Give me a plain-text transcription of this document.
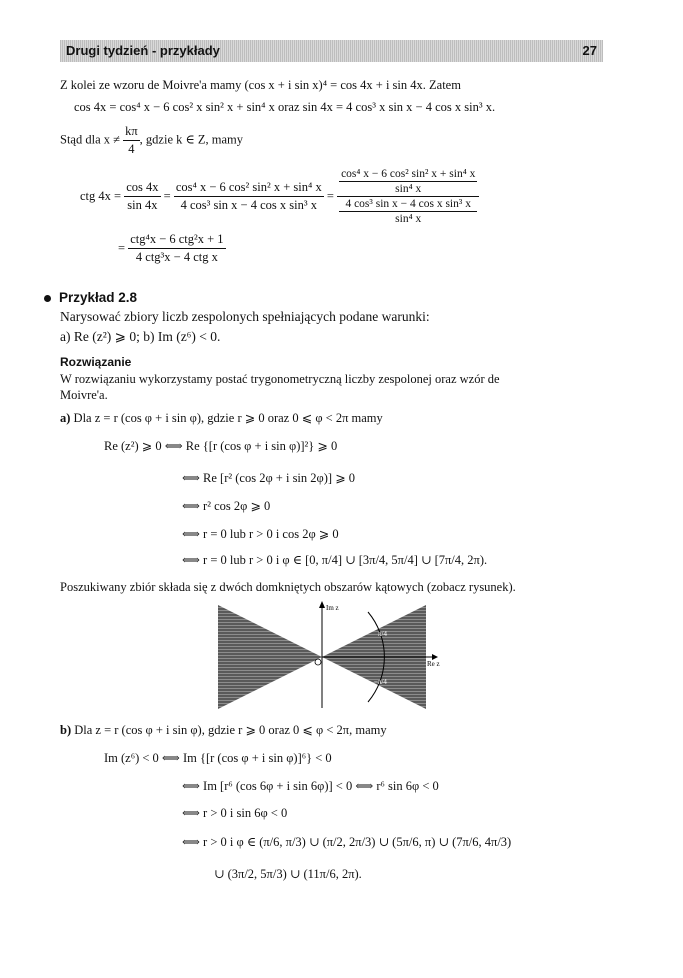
Drugi tydzień - przykłady	27
Z kolei ze wzoru de Moivre'a mamy (cos x + i sin x)⁴ = cos 4x + i sin 4x. Zatem
cos 4x = cos⁴ x − 6 cos² x sin² x + sin⁴ x oraz sin 4x = 4 cos³ x sin x − 4 cos x sin³ x.
Stąd dla $x \ne \frac{k\pi}{4}$ , gdzie k ∈ Z, mamy
ctg $4x = \frac{\cos 4x}{\sin 4x} = \frac{\text{cos⁴ x − 6 cos² sin² x + sin⁴ x}}{\text{4 cos³ sin x − 4 cos x sin³ x}} = \cos^4$ x − 6 cos² sin² x + sin⁴ x
sin⁴ x
4 cos³ sin x − 4 cos x sin³ x
sin⁴ x
= $\frac{\text{ctg⁴x − 6 ctg²x + 1}}{\text{4 ctg³x − 4 ctg x}}$
Przykład 2.8
Narysować zbiory liczb zespolonych spełniających podane warunki:
a) Re (z²) ⩾ 0; b) Im (z⁶) < 0.
Rozwiązanie
W rozwiązaniu wykorzystamy postać trygonometryczną liczby zespolonej oraz wzór de
Moivre'a.
a) Dla z = r (cos φ + i sin φ), gdzie r ⩾ 0 oraz 0 ⩽ φ < 2π mamy
Re (z²) ⩾ 0 ⟺ Re {[r (cos φ + i sin φ)]²} ⩾ 0
⟺ Re [r² (cos 2φ + i sin 2φ)] ⩾ 0
⟺ r² cos 2φ ⩾ 0
⟺ r = 0 lub r > 0 i cos 2φ ⩾ 0
⟺ r = 0 lub r > 0 i φ ∈ [0, π/4] ∪ [3π/4, 5π/4] ∪ [7π/4, 2π).
Poszukiwany zbiór składa się z dwóch domkniętych obszarów kątowych (zobacz rysunek).
Im z
Re z
π/4
−π/4
b) Dla z = r (cos φ + i sin φ), gdzie r ⩾ 0 oraz 0 ⩽ φ < 2π, mamy
Im (z⁶) < 0 ⟺ Im {[r (cos φ + i sin φ)]⁶} < 0
⟺ Im [r⁶ (cos 6φ + i sin 6φ)] < 0 ⟺ r⁶ sin 6φ < 0
⟺ r > 0 i sin 6φ < 0
⟺ r > 0 i φ ∈ (π/6, π/3) ∪ (π/2, 2π/3) ∪ (5π/6, π) ∪ (7π/6, 4π/3)
∪ (3π/2, 5π/3) ∪ (11π/6, 2π).
